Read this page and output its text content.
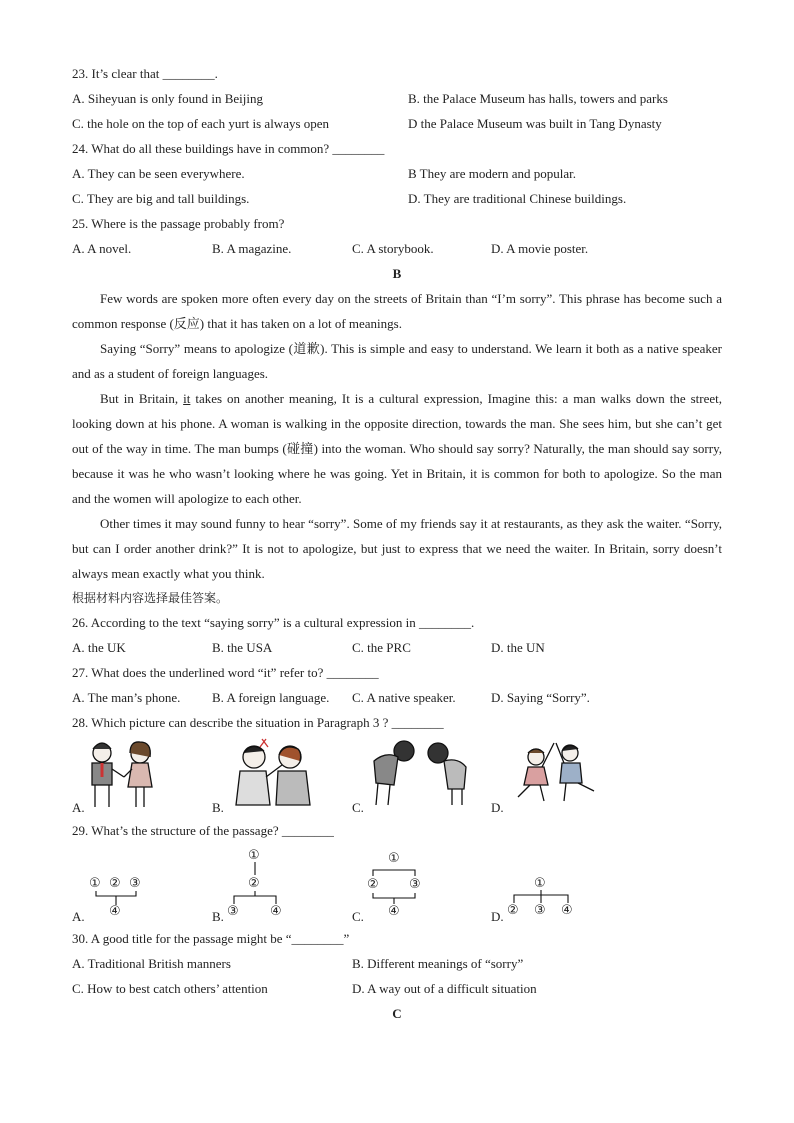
23. It’s clear that ________.
A. Siheyuan is only found in Beijing	B. the Palace Museum has halls, towers and parks
C. the hole on the top of each yurt is always open	D the Palace Museum was built in Tang Dynasty
24. What do all these buildings have in common? ________
A. They can be seen everywhere.	B They are modern and popular.
C. They are big and tall buildings.	D. They are traditional Chinese buildings.
25. Where is the passage probably from?
A. A novel.	B. A magazine.	C. A storybook.	D. A movie poster.
B
Few words are spoken more often every day on the streets of Britain than “I’m sorry”. This phrase has become such a common response (反应) that it has taken on a lot of meanings.
Saying “Sorry” means to apologize (道歉). This is simple and easy to understand. We learn it both as a native speaker and as a student of foreign languages.
But in Britain, it takes on another meaning, It is a cultural expression, Imagine this: a man walks down the street, looking down at his phone. A woman is walking in the opposite direction, towards the man. She sees him, but she can’t get out of the way in time. The man bumps (碰撞) into the woman. Who should say sorry? Naturally, the man should say sorry, because it was he who wasn’t looking where he was going. Yet in Britain, it is common for both to apologize. So the man and the women will apologize to each other.
Other times it may sound funny to hear “sorry”. Some of my friends say it at restaurants, as they ask the waiter. “Sorry, but can I order another drink?” It is not to apologize, but just to express that we need the waiter. In Britain, sorry doesn’t always mean exactly what you think.
根据材料内容选择最佳答案。
26. According to the text “saying sorry” is a cultural expression in ________.
A. the UK	B. the USA	C. the PRC	D. the UN
27. What does the underlined word “it” refer to? ________
A. The man’s phone. B. A foreign language. C. A native speaker.	D. Saying “Sorry”.
28. Which picture can describe the situation in Paragraph 3 ? ________
A.	B.	C.	D.
29. What’s the structure of the passage? ________
A.
① ② ③
④	B.
①
②
③ ④	C.
①
② ③
④	D.
①
② ③ ④
30. A good title for the passage might be “________”
A. Traditional British manners	B. Different meanings of “sorry”
C. How to best catch others’ attention	D. A way out of a difficult situation
C
